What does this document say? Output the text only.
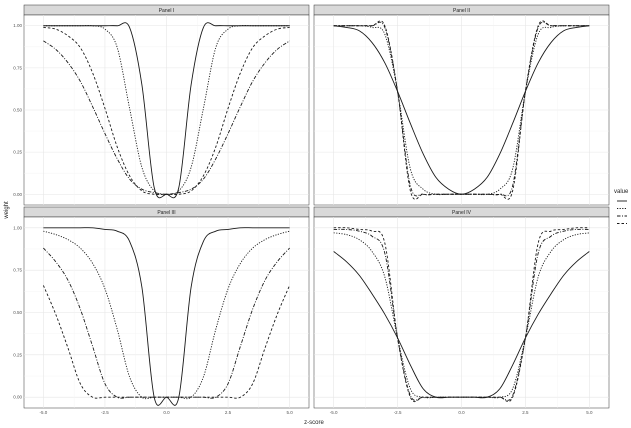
Panel I
0.00
0.25
0.50
0.75
1.00
Panel II
Panel III
0.00
0.25
0.50
0.75
1.00
-5.0	-2.5	0.0	2.5	5.0
Panel IV
-5.0	-2.5	0.0	2.5	5.0
z-score
weight
value
